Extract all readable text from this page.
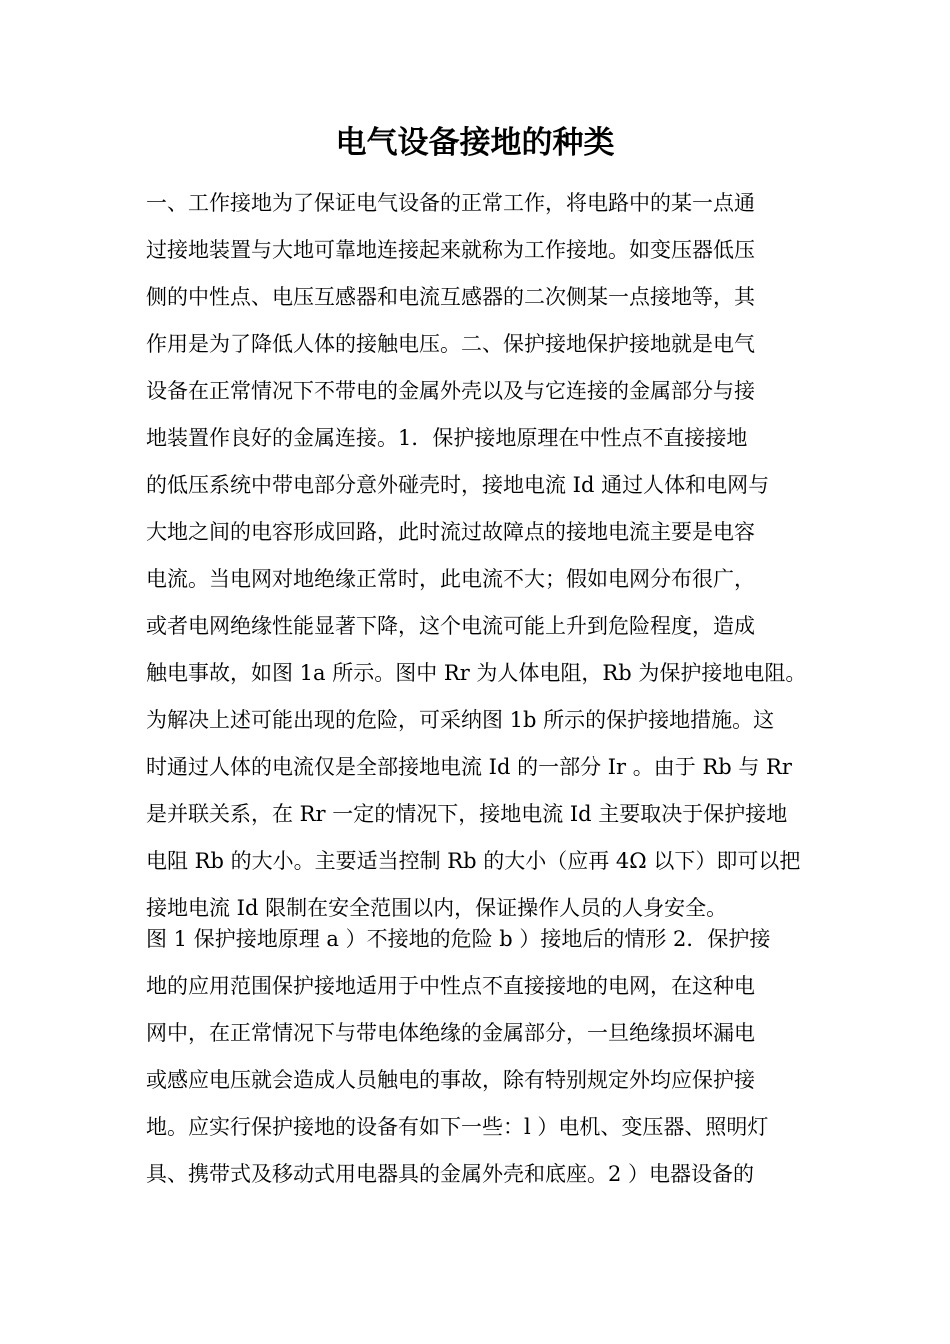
电气设备接地的种类
一、工作接地为了保证电气设备的正常工作，将电路中的某一点通
过接地装置与大地可靠地连接起来就称为工作接地。如变压器低压
侧的中性点、电压互感器和电流互感器的二次侧某一点接地等，其
作用是为了降低人体的接触电压。二、保护接地保护接地就是电气
设备在正常情况下不带电的金属外壳以及与它连接的金属部分与接
地装置作良好的金属连接。1．保护接地原理在中性点不直接接地
的低压系统中带电部分意外碰壳时，接地电流 Id 通过人体和电网与
大地之间的电容形成回路，此时流过故障点的接地电流主要是电容
电流。当电网对地绝缘正常时，此电流不大；假如电网分布很广，
或者电网绝缘性能显著下降，这个电流可能上升到危险程度，造成
触电事故，如图 1a 所示。图中 Rr 为人体电阻，Rb 为保护接地电阻。
为解决上述可能出现的危险，可采纳图 1b 所示的保护接地措施。这
时通过人体的电流仅是全部接地电流 Id 的一部分 Ir 。由于 Rb 与 Rr
是并联关系，在 Rr 一定的情况下，接地电流 Id 主要取决于保护接地
电阻 Rb 的大小。主要适当控制 Rb 的大小（应再 4Ω 以下）即可以把
接地电流 Id 限制在安全范围以内，保证操作人员的人身安全。
图 1 保护接地原理 a ）不接地的危险 b ）接地后的情形 2．保护接
地的应用范围保护接地适用于中性点不直接接地的电网，在这种电
网中，在正常情况下与带电体绝缘的金属部分，一旦绝缘损坏漏电
或感应电压就会造成人员触电的事故，除有特别规定外均应保护接
地。应实行保护接地的设备有如下一些：l ）电机、变压器、照明灯
具、携带式及移动式用电器具的金属外壳和底座。2 ）电器设备的
